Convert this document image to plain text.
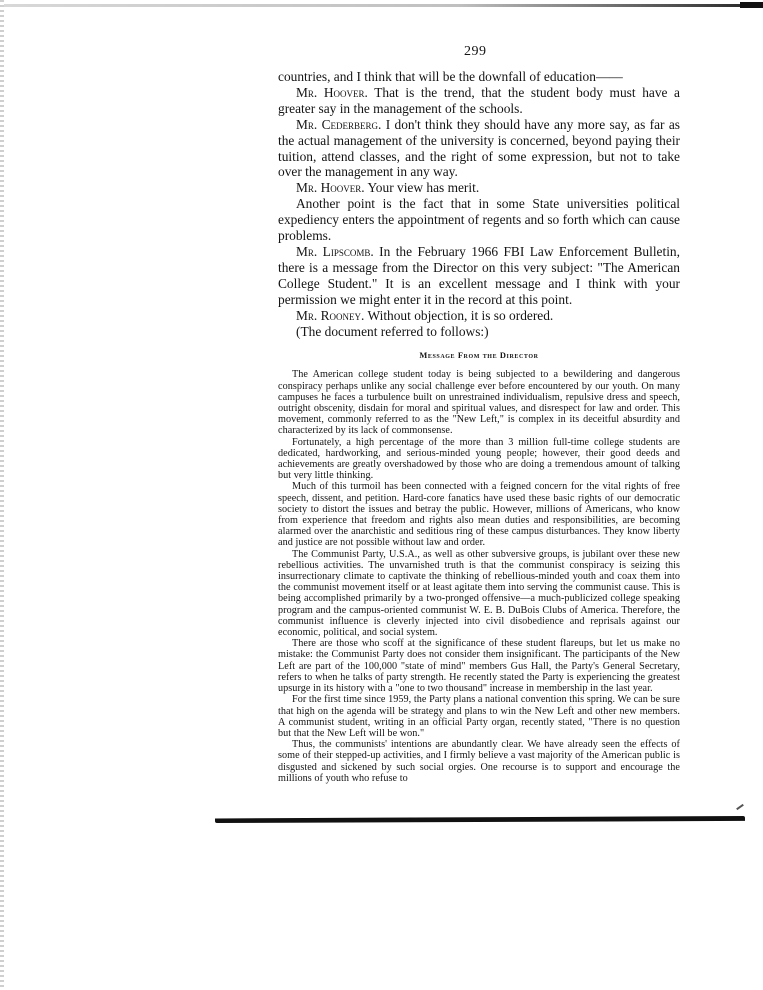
299

countries, and I think that will be the downfall of education——

Mr. Hoover. That is the trend, that the student body must have a greater say in the management of the schools.

Mr. Cederberg. I don't think they should have any more say, as far as the actual management of the university is concerned, beyond paying their tuition, attend classes, and the right of some expression, but not to take over the management in any way.

Mr. Hoover. Your view has merit.

Another point is the fact that in some State universities political expediency enters the appointment of regents and so forth which can cause problems.

Mr. Lipscomb. In the February 1966 FBI Law Enforcement Bulletin, there is a message from the Director on this very subject: "The American College Student." It is an excellent message and I think with your permission we might enter it in the record at this point.

Mr. Rooney. Without objection, it is so ordered.

(The document referred to follows:)

Message From the Director

The American college student today is being subjected to a bewildering and dangerous conspiracy perhaps unlike any social challenge ever before encountered by our youth. On many campuses he faces a turbulence built on unrestrained individualism, repulsive dress and speech, outright obscenity, disdain for moral and spiritual values, and disrespect for law and order. This movement, commonly referred to as the "New Left," is complex in its deceitful absurdity and characterized by its lack of commonsense.

Fortunately, a high percentage of the more than 3 million full-time college students are dedicated, hardworking, and serious-minded young people; however, their good deeds and achievements are greatly overshadowed by those who are doing a tremendous amount of talking but very little thinking.

Much of this turmoil has been connected with a feigned concern for the vital rights of free speech, dissent, and petition. Hard-core fanatics have used these basic rights of our democratic society to distort the issues and betray the public. However, millions of Americans, who know from experience that freedom and rights also mean duties and responsibilities, are becoming alarmed over the anarchistic and seditious ring of these campus disturbances. They know liberty and justice are not possible without law and order.

The Communist Party, U.S.A., as well as other subversive groups, is jubilant over these new rebellious activities. The unvarnished truth is that the communist conspiracy is seizing this insurrectionary climate to captivate the thinking of rebellious-minded youth and coax them into the communist movement itself or at least agitate them into serving the communist cause. This is being accomplished primarily by a two-pronged offensive—a much-publicized college speaking program and the campus-oriented communist W. E. B. DuBois Clubs of America. Therefore, the communist influence is cleverly injected into civil disobedience and reprisals against our economic, political, and social system.

There are those who scoff at the significance of these student flareups, but let us make no mistake: the Communist Party does not consider them insignificant. The participants of the New Left are part of the 100,000 "state of mind" members Gus Hall, the Party's General Secretary, refers to when he talks of party strength. He recently stated the Party is experiencing the greatest upsurge in its history with a "one to two thousand" increase in membership in the last year.

For the first time since 1959, the Party plans a national convention this spring. We can be sure that high on the agenda will be strategy and plans to win the New Left and other new members. A communist student, writing in an official Party organ, recently stated, "There is no question but that the New Left will be won."

Thus, the communists' intentions are abundantly clear. We have already seen the effects of some of their stepped-up activities, and I firmly believe a vast majority of the American public is disgusted and sickened by such social orgies. One recourse is to support and encourage the millions of youth who refuse to
